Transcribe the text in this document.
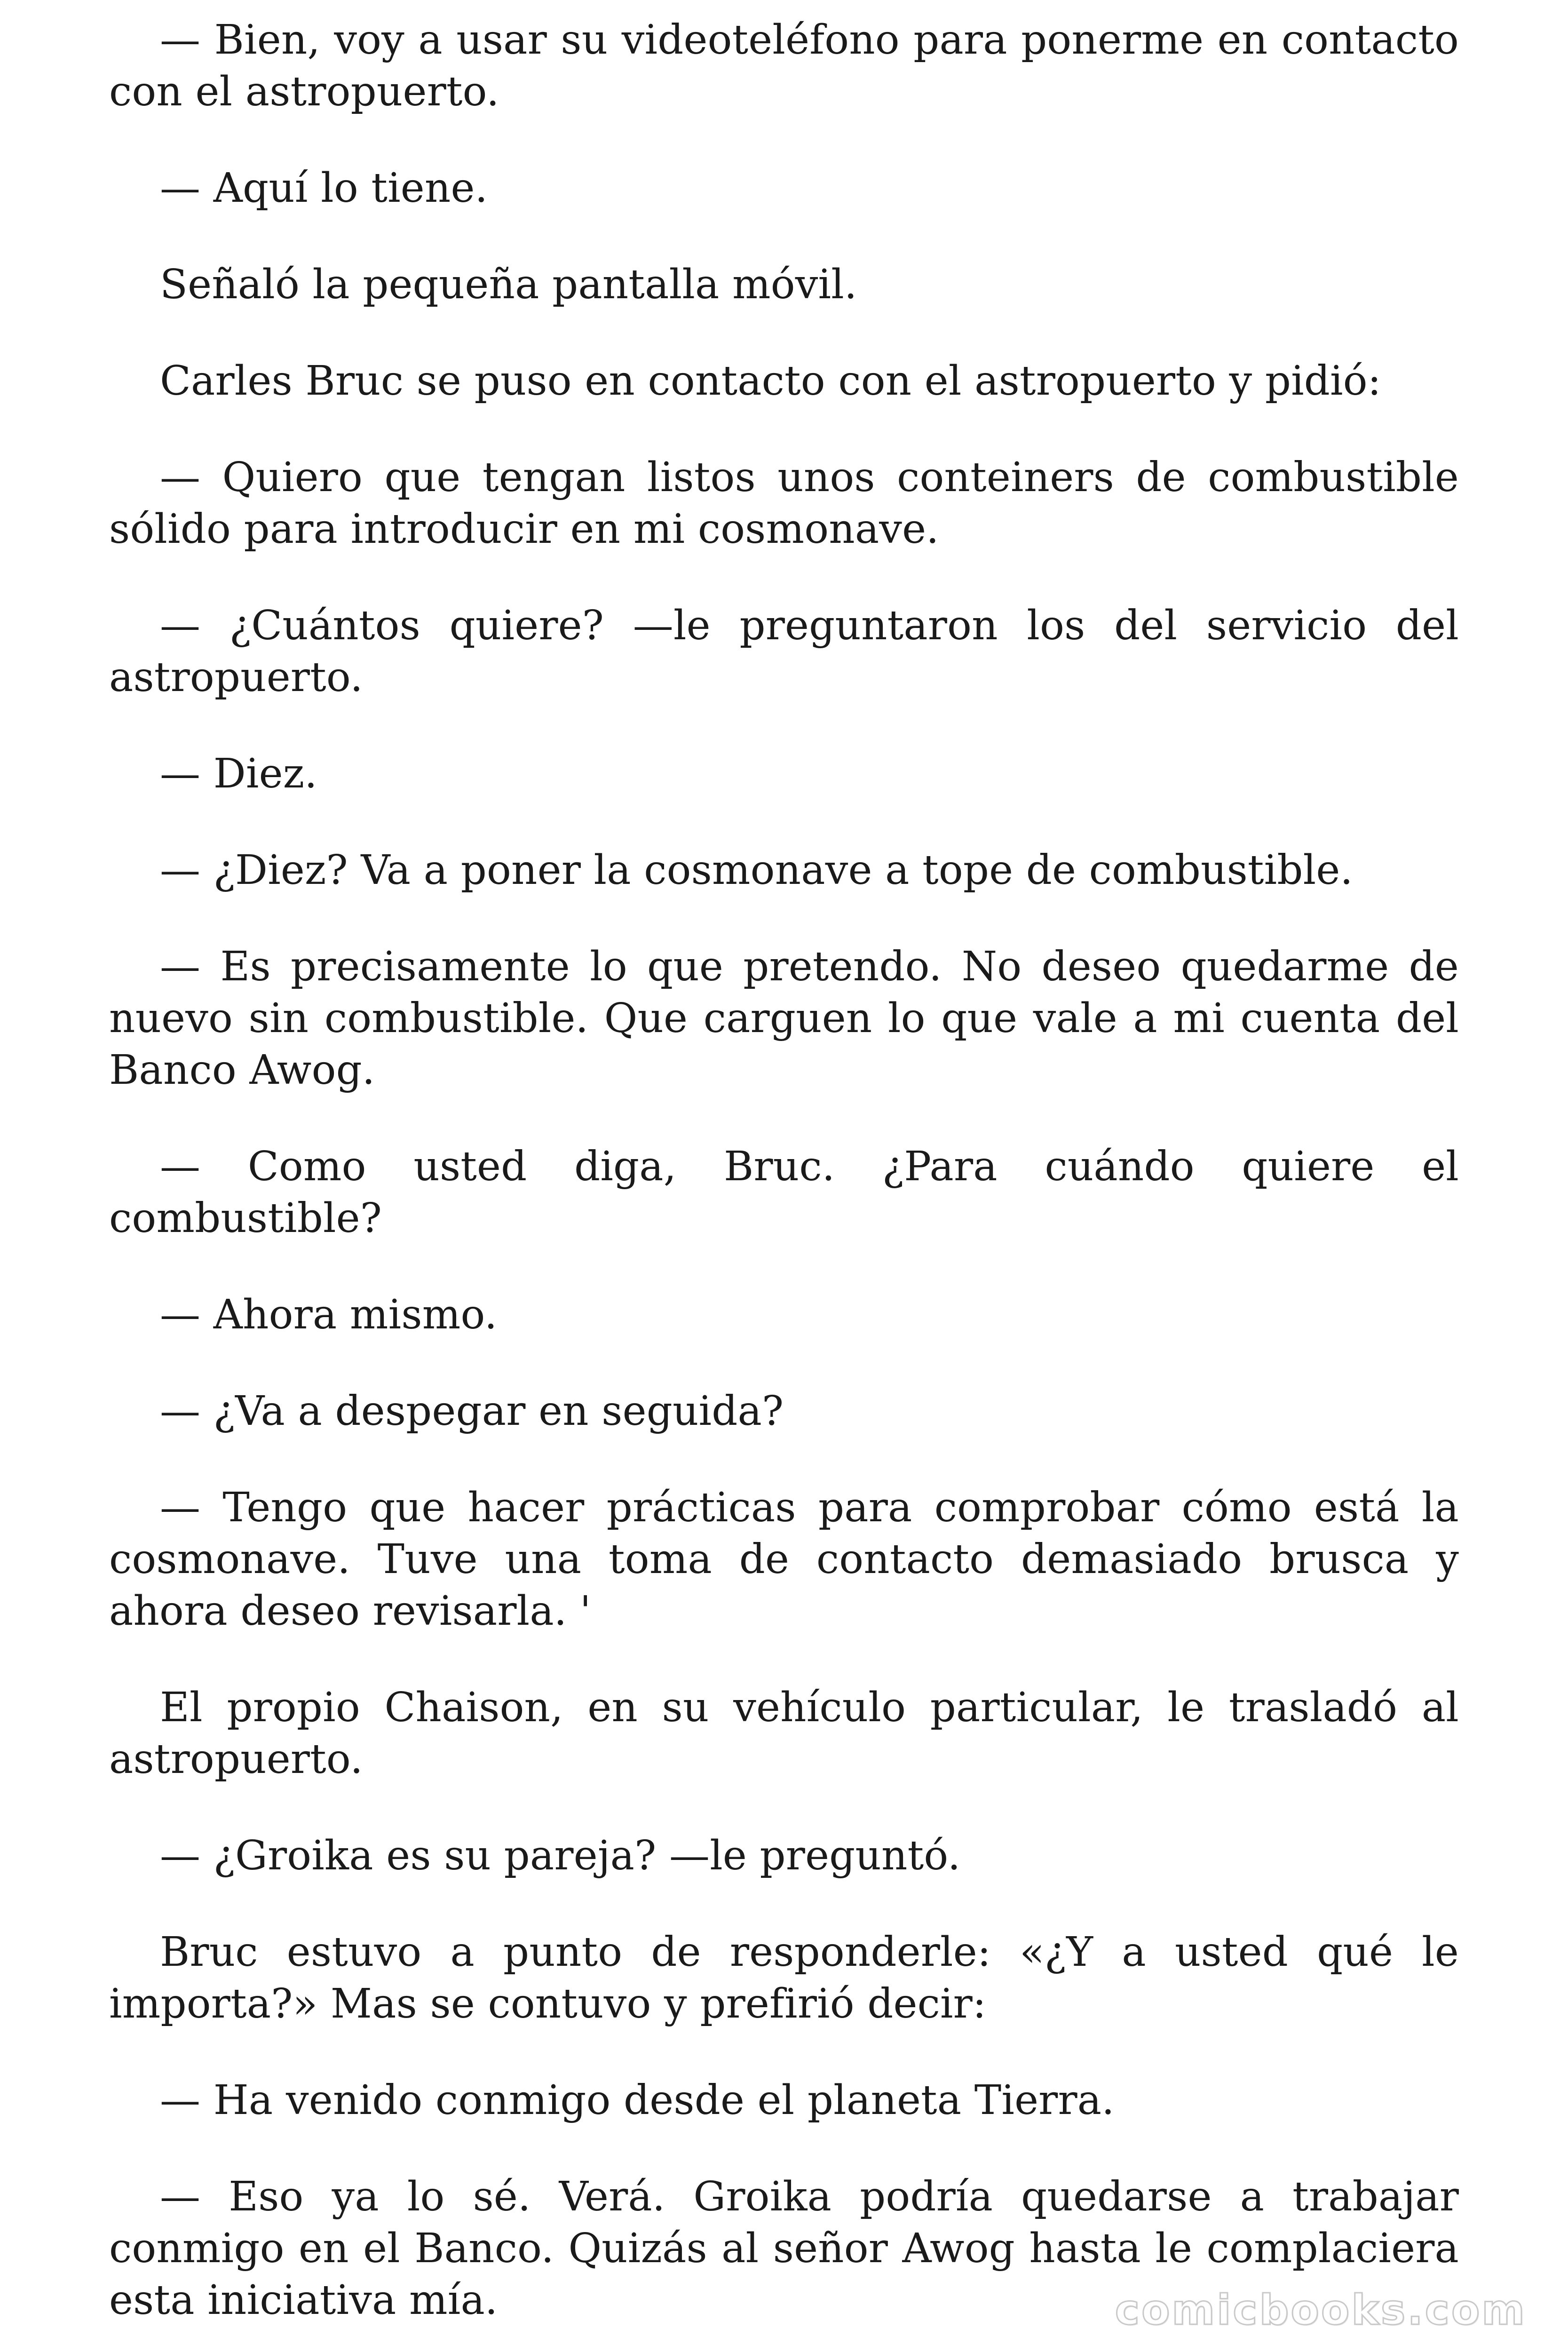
— Bien, voy a usar su videoteléfono para ponerme en contacto con el astropuerto.

— Aquí lo tiene.

Señaló la pequeña pantalla móvil.

Carles Bruc se puso en contacto con el astropuerto y pidió:

— Quiero que tengan listos unos conteiners de combustible sólido para introducir en mi cosmonave.

— ¿Cuántos quiere? —le preguntaron los del servicio del astropuerto.

— Diez.

— ¿Diez? Va a poner la cosmonave a tope de combustible.

— Es precisamente lo que pretendo. No deseo quedarme de nuevo sin combustible. Que carguen lo que vale a mi cuenta del Banco Awog.

— Como usted diga, Bruc. ¿Para cuándo quiere el combustible?

— Ahora mismo.

— ¿Va a despegar en seguida?

— Tengo que hacer prácticas para comprobar cómo está la cosmonave. Tuve una toma de contacto demasiado brusca y ahora deseo revisarla. '

El propio Chaison, en su vehículo particular, le trasladó al astropuerto.

— ¿Groika es su pareja? —le preguntó.

Bruc estuvo a punto de responderle: «¿Y a usted qué le importa?» Mas se contuvo y prefirió decir:

— Ha venido conmigo desde el planeta Tierra.

— Eso ya lo sé. Verá. Groika podría quedarse a trabajar conmigo en el Banco. Quizás al señor Awog hasta le complaciera esta iniciativa mía.	comicbooks.com
